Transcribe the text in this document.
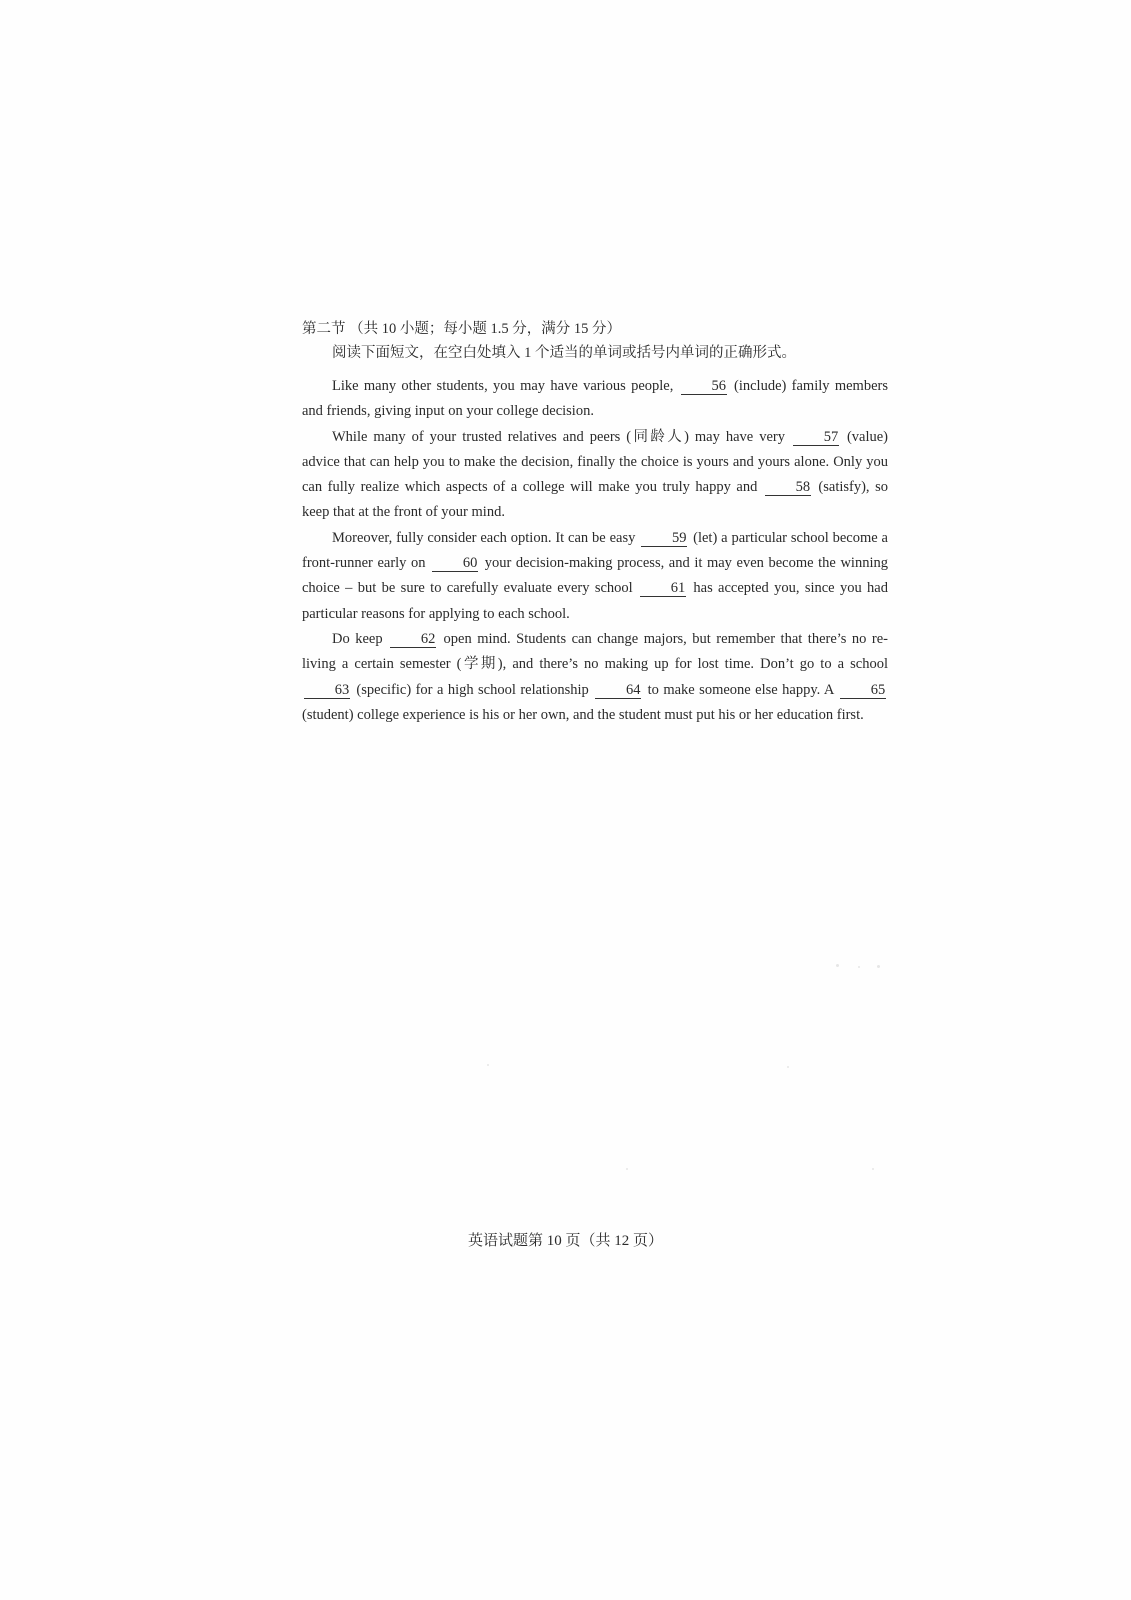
第二节 （共 10 小题；每小题 1.5 分，满分 15 分）

阅读下面短文，在空白处填入 1 个适当的单词或括号内单词的正确形式。

Like many other students, you may have various people, 56 (include) family members and friends, giving input on your college decision.

While many of your trusted relatives and peers (同龄人) may have very 57 (value) advice that can help you to make the decision, finally the choice is yours and yours alone. Only you can fully realize which aspects of a college will make you truly happy and 58 (satisfy), so keep that at the front of your mind.

Moreover, fully consider each option. It can be easy 59 (let) a particular school become a front-runner early on 60 your decision-making process, and it may even become the winning choice – but be sure to carefully evaluate every school 61 has accepted you, since you had particular reasons for applying to each school.

Do keep 62 open mind. Students can change majors, but remember that there’s no re-living a certain semester (学期), and there’s no making up for lost time. Don’t go to a school 63 (specific) for a high school relationship 64 to make someone else happy. A 65 (student) college experience is his or her own, and the student must put his or her education first.

英语试题第 10 页（共 12 页）
